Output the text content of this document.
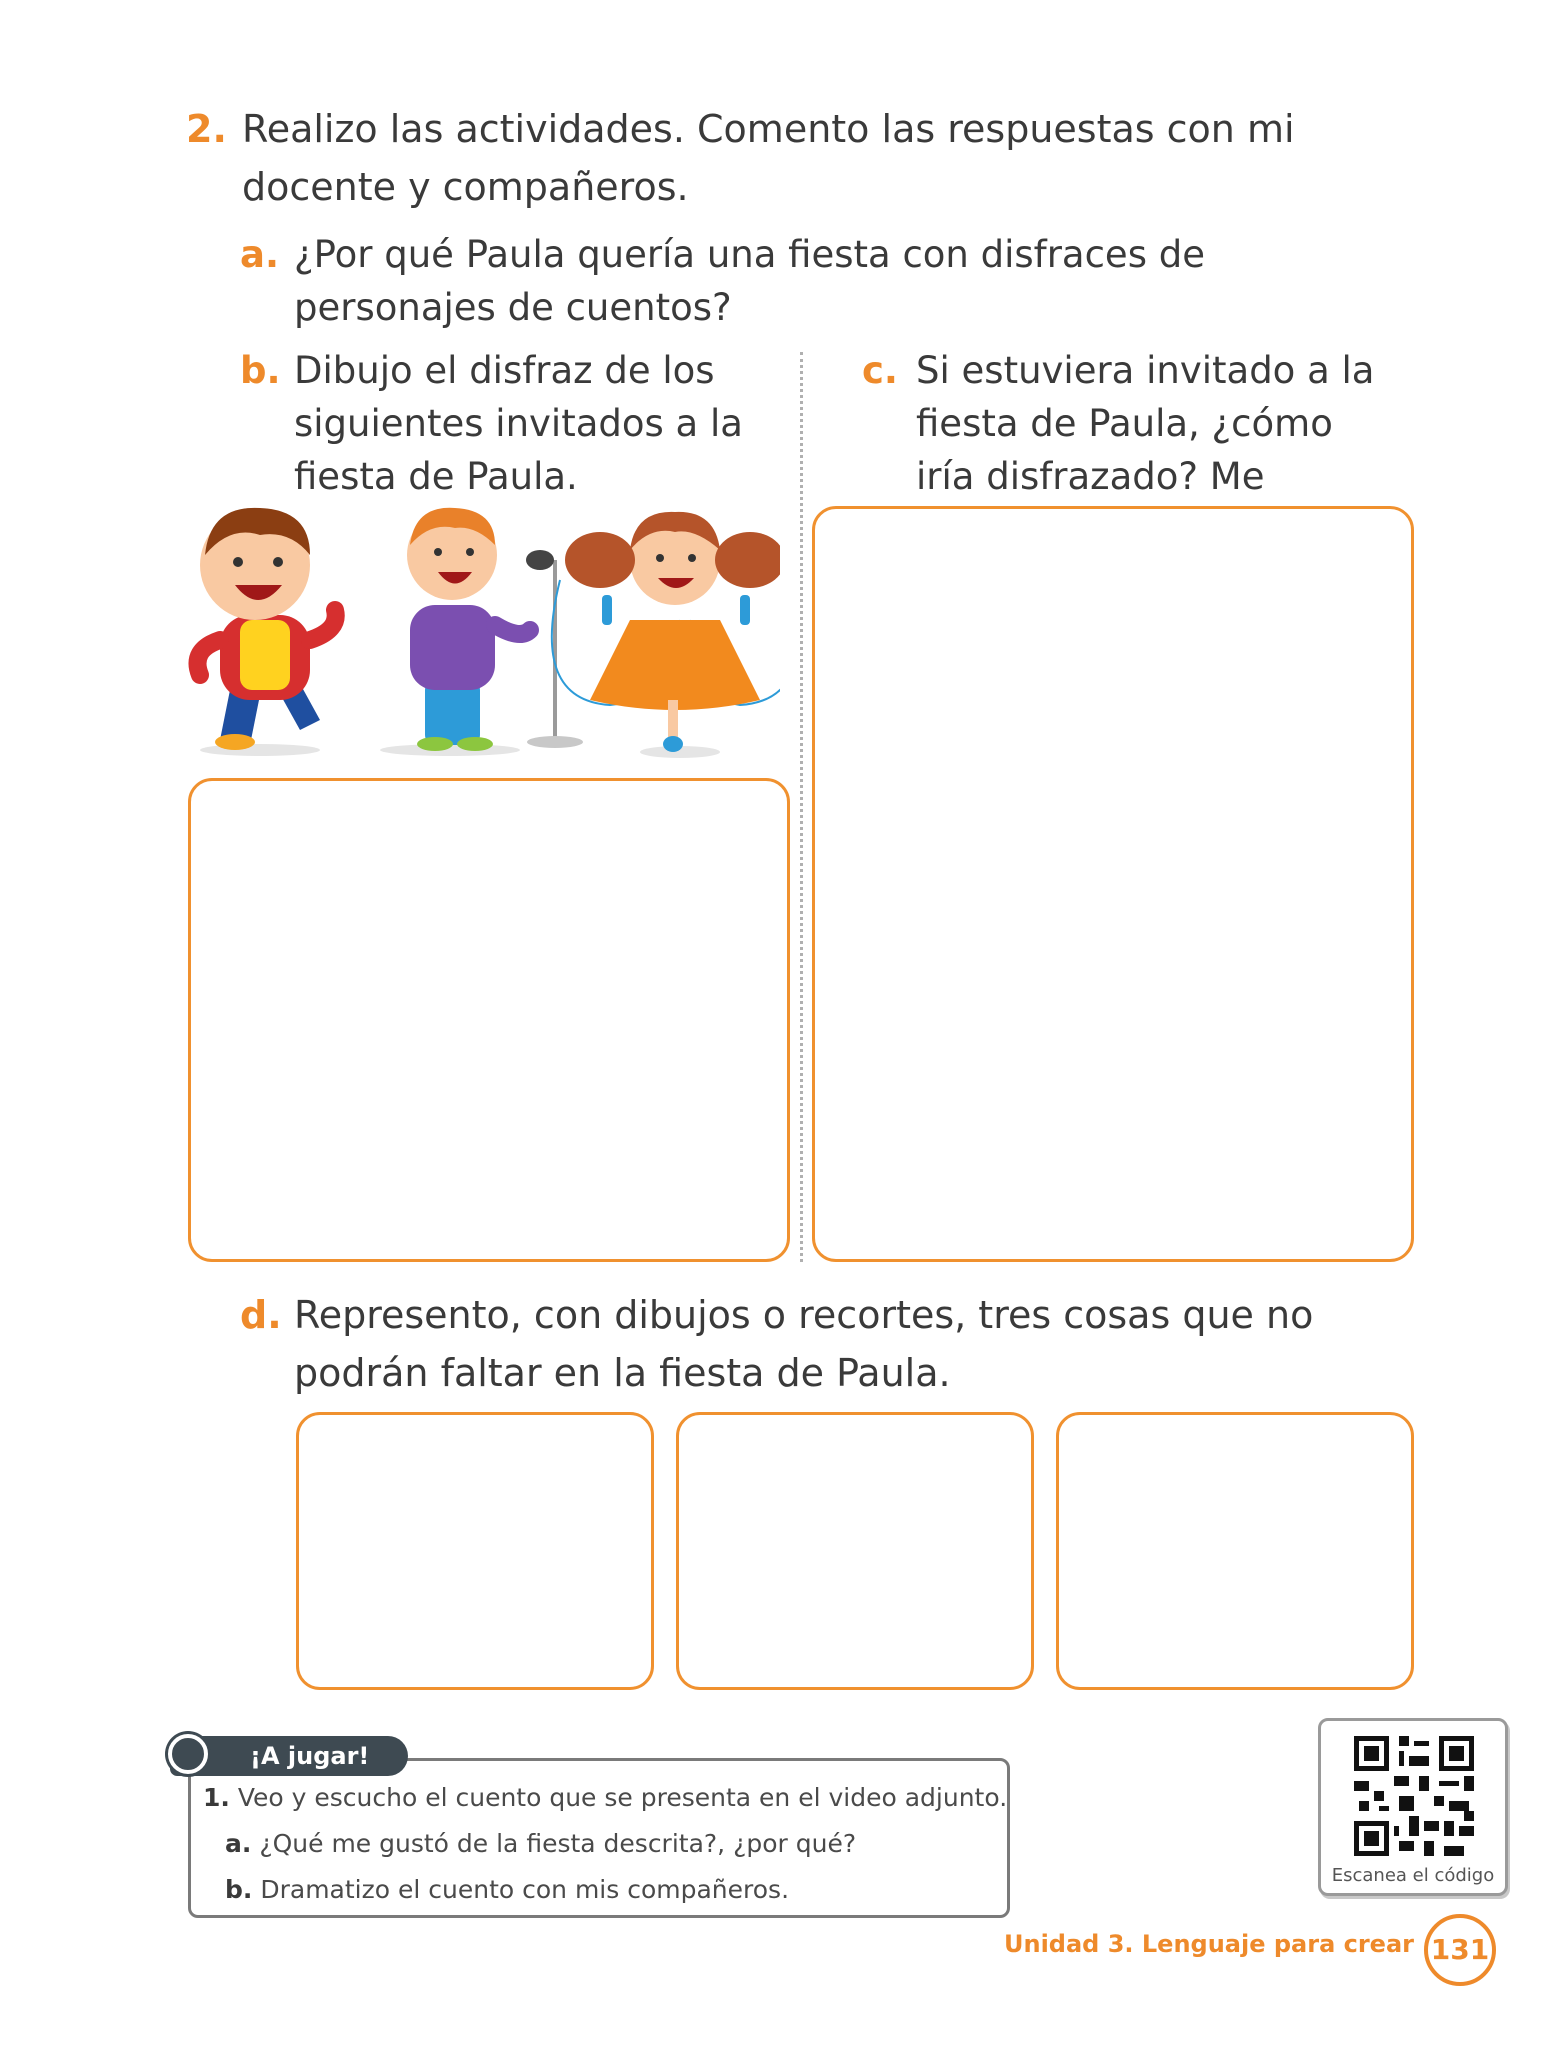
2. Realizo las actividades. Comento las respuestas con mi docente y compañeros.
a. ¿Por qué Paula quería una fiesta con disfraces de personajes de cuentos?
b. Dibujo el disfraz de los siguientes invitados a la fiesta de Paula.
c. Si estuviera invitado a la fiesta de Paula, ¿cómo iría disfrazado? Me
d. Represento, con dibujos o recortes, tres cosas que no podrán faltar en la fiesta de Paula.
1. Veo y escucho el cuento que se presenta en el video adjunto.
a. ¿Qué me gustó de la fiesta descrita?, ¿por qué?
b. Dramatizo el cuento con mis compañeros.
¡A jugar!
Escanea el código
Unidad 3. Lenguaje para crear 131
